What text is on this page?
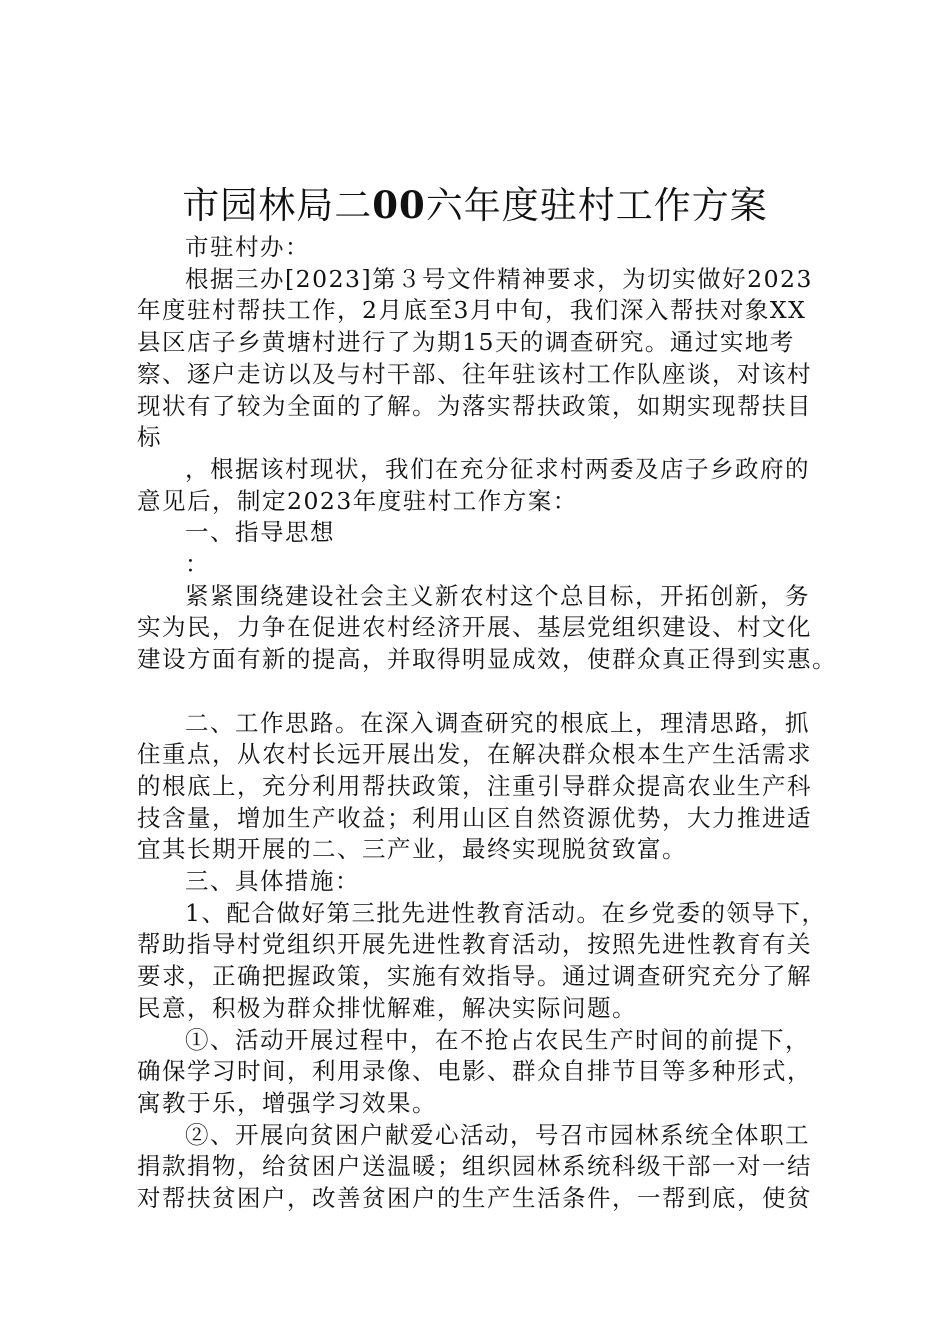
市园林局二00六年度驻村工作方案

市驻村办：

根据三办[2023]第３号文件精神要求，为切实做好2023

年度驻村帮扶工作，2月底至3月中旬，我们深入帮扶对象XX

县区店子乡黄塘村进行了为期15天的调查研究。通过实地考

察、逐户走访以及与村干部、往年驻该村工作队座谈，对该村

现状有了较为全面的了解。为落实帮扶政策，如期实现帮扶目

标

，根据该村现状，我们在充分征求村两委及店子乡政府的

意见后，制定2023年度驻村工作方案：

一、指导思想

：

紧紧围绕建设社会主义新农村这个总目标，开拓创新，务

实为民，力争在促进农村经济开展、基层党组织建设、村文化

建设方面有新的提高，并取得明显成效，使群众真正得到实惠。

二、工作思路。在深入调查研究的根底上，理清思路，抓

住重点，从农村长远开展出发，在解决群众根本生产生活需求

的根底上，充分利用帮扶政策，注重引导群众提高农业生产科

技含量，增加生产收益；利用山区自然资源优势，大力推进适

宜其长期开展的二、三产业，最终实现脱贫致富。

三、具体措施：

1、配合做好第三批先进性教育活动。在乡党委的领导下，

帮助指导村党组织开展先进性教育活动，按照先进性教育有关

要求，正确把握政策，实施有效指导。通过调查研究充分了解

民意，积极为群众排忧解难，解决实际问题。

①、活动开展过程中，在不抢占农民生产时间的前提下，

确保学习时间，利用录像、电影、群众自排节目等多种形式，

寓教于乐，增强学习效果。

②、开展向贫困户献爱心活动，号召市园林系统全体职工

捐款捐物，给贫困户送温暖；组织园林系统科级干部一对一结

对帮扶贫困户，改善贫困户的生产生活条件，一帮到底，使贫
